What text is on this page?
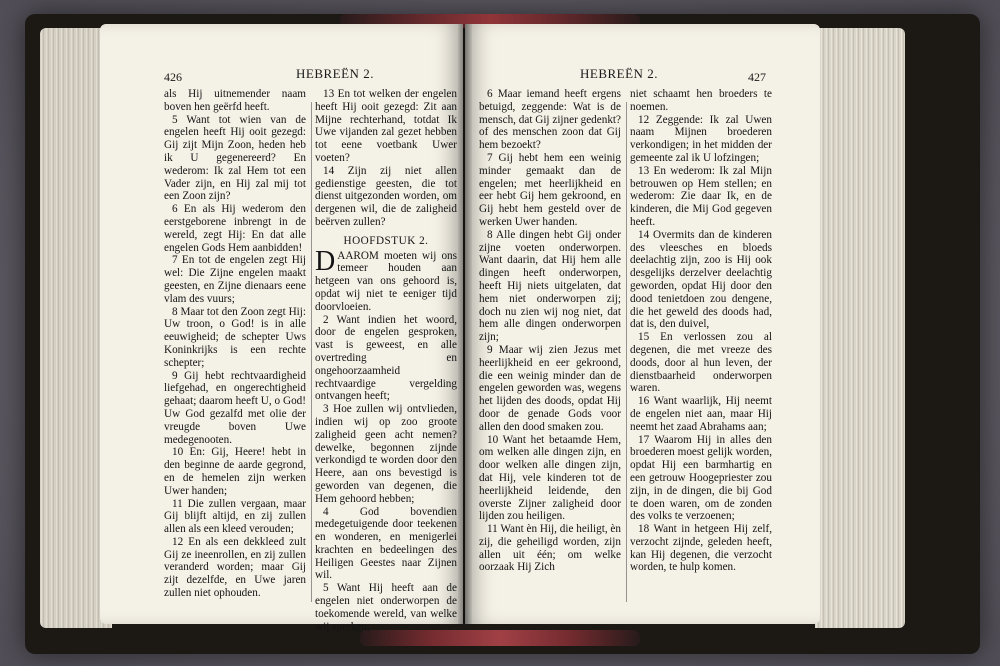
426	HEBREËN 2.

als Hij uitnemender naam boven hen geërfd heeft.

5 Want tot wien van de engelen heeft Hij ooit gezegd: Gij zijt Mijn Zoon, heden heb ik U gegenereerd? En wederom: Ik zal Hem tot een Vader zijn, en Hij zal mij tot een Zoon zijn?

6 En als Hij wederom den eerstgeborene inbrengt in de wereld, zegt Hij: En dat alle engelen Gods Hem aanbidden!

7 En tot de engelen zegt Hij wel: Die Zijne engelen maakt geesten, en Zijne dienaars eene vlam des vuurs;

8 Maar tot den Zoon zegt Hij: Uw troon, o God! is in alle eeuwigheid; de schepter Uws Koninkrijks is een rechte schepter;

9 Gij hebt rechtvaardigheid liefgehad, en ongerechtigheid gehaat; daarom heeft U, o God! Uw God gezalfd met olie der vreugde boven Uwe medegenooten.

10 En: Gij, Heere! hebt in den beginne de aarde gegrond, en de hemelen zijn werken Uwer handen;

11 Die zullen vergaan, maar Gij blijft altijd, en zij zullen allen als een kleed verouden;

12 En als een dekkleed zult Gij ze ineenrollen, en zij zullen veranderd worden; maar Gij zijt dezelfde, en Uwe jaren zullen niet ophouden.

13 En tot welken der engelen heeft Hij ooit gezegd: Zit aan Mijne rechterhand, totdat Ik Uwe vijanden zal gezet hebben tot eene voetbank Uwer voeten?

14 Zijn zij niet allen gedienstige geesten, die tot dienst uitgezonden worden, om dergenen wil, die de zaligheid beërven zullen?

HOOFDSTUK 2.

DAAROM moeten wij ons temeer houden aan hetgeen van ons gehoord is, opdat wij niet te eeniger tijd doorvloeien.

2 Want indien het woord, door de engelen gesproken, vast is geweest, en alle overtreding en ongehoorzaamheid rechtvaardige vergelding ontvangen heeft;

3 Hoe zullen wij ontvlieden, indien wij op zoo groote zaligheid geen acht nemen? dewelke, begonnen zijnde verkondigd te worden door den Heere, aan ons bevestigd is geworden van degenen, die Hem gehoord hebben;

4 God bovendien medegetuigende door teekenen en wonderen, en menigerlei krachten en bedeelingen des Heiligen Geestes naar Zijnen wil.

5 Want Hij heeft aan de engelen niet onderworpen de toekomende wereld, van welke wij spreken;

HEBREËN 2.	427

6 Maar iemand heeft ergens betuigd, zeggende: Wat is de mensch, dat Gij zijner gedenkt? of des menschen zoon dat Gij hem bezoekt?

7 Gij hebt hem een weinig minder gemaakt dan de engelen; met heerlijkheid en eer hebt Gij hem gekroond, en Gij hebt hem gesteld over de werken Uwer handen.

8 Alle dingen hebt Gij onder zijne voeten onderworpen. Want daarin, dat Hij hem alle dingen heeft onderworpen, heeft Hij niets uitgelaten, dat hem niet onderworpen zij; doch nu zien wij nog niet, dat hem alle dingen onderworpen zijn;

9 Maar wij zien Jezus met heerlijkheid en eer gekroond, die een weinig minder dan de engelen geworden was, wegens het lijden des doods, opdat Hij door de genade Gods voor allen den dood smaken zou.

10 Want het betaamde Hem, om welken alle dingen zijn, en door welken alle dingen zijn, dat Hij, vele kinderen tot de heerlijkheid leidende, den overste Zijner zaligheid door lijden zou heiligen.

11 Want èn Hij, die heiligt, èn zij, die geheiligd worden, zijn allen uit één; om welke oorzaak Hij Zich

niet schaamt hen broeders te noemen.

12 Zeggende: Ik zal Uwen naam Mijnen broederen verkondigen; in het midden der gemeente zal ik U lofzingen;

13 En wederom: Ik zal Mijn betrouwen op Hem stellen; en wederom: Zie daar Ik, en de kinderen, die Mij God gegeven heeft.

14 Overmits dan de kinderen des vleesches en bloeds deelachtig zijn, zoo is Hij ook desgelijks derzelver deelachtig geworden, opdat Hij door den dood tenietdoen zou dengene, die het geweld des doods had, dat is, den duivel,

15 En verlossen zou al degenen, die met vreeze des doods, door al hun leven, der dienstbaarheid onderworpen waren.

16 Want waarlijk, Hij neemt de engelen niet aan, maar Hij neemt het zaad Abrahams aan;

17 Waarom Hij in alles den broederen moest gelijk worden, opdat Hij een barmhartig en een getrouw Hoogepriester zou zijn, in de dingen, die bij God te doen waren, om de zonden des volks te verzoenen;

18 Want in hetgeen Hij zelf, verzocht zijnde, geleden heeft, kan Hij degenen, die verzocht worden, te hulp komen.
